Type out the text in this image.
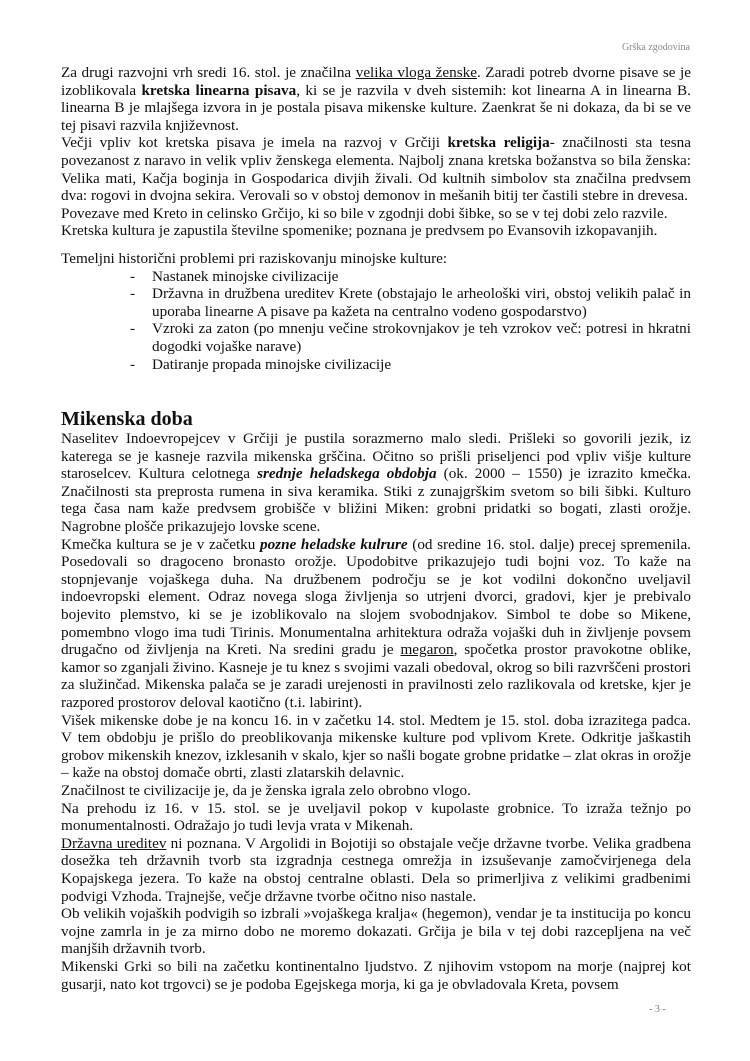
Grška zgodovina

Za drugi razvojni vrh sredi 16. stol. je značilna velika vloga ženske. Zaradi potreb dvorne pisave se je izoblikovala kretska linearna pisava, ki se je razvila v dveh sistemih: kot linearna A in linearna B. linearna B je mlajšega izvora in je postala pisava mikenske kulture. Zaenkrat še ni dokaza, da bi se ve tej pisavi razvila književnost.

Večji vpliv kot kretska pisava je imela na razvoj v Grčiji kretska religija- značilnosti sta tesna povezanost z naravo in velik vpliv ženskega elementa. Najbolj znana kretska božanstva so bila ženska: Velika mati, Kačja boginja in Gospodarica divjih živali. Od kultnih simbolov sta značilna predvsem dva: rogovi in dvojna sekira. Verovali so v obstoj demonov in mešanih bitij ter častili stebre in drevesa.

Povezave med Kreto in celinsko Grčijo, ki so bile v zgodnji dobi šibke, so se v tej dobi zelo razvile.

Kretska kultura je zapustila številne spomenike; poznana je predvsem po Evansovih izkopavanjih.

Temeljni historični problemi pri raziskovanju minojske kulture:

- Nastanek minojske civilizacije
- Državna in družbena ureditev Krete (obstajajo le arheološki viri, obstoj velikih palač in uporaba linearne A pisave pa kažeta na centralno vodeno gospodarstvo)
- Vzroki za zaton (po mnenju večine strokovnjakov je teh vzrokov več: potresi in hkratni dogodki vojaške narave)
- Datiranje propada minojske civilizacije
Mikenska doba

Naselitev Indoevropejcev v Grčiji je pustila sorazmerno malo sledi. Prišleki so govorili jezik, iz katerega se je kasneje razvila mikenska grščina. Očitno so prišli priseljenci pod vpliv višje kulture staroselcev. Kultura celotnega srednje heladskega obdobja (ok. 2000 – 1550) je izrazito kmečka. Značilnosti sta preprosta rumena in siva keramika. Stiki z zunajgrškim svetom so bili šibki. Kulturo tega časa nam kaže predvsem grobišče v bližini Miken: grobni pridatki so bogati, zlasti orožje. Nagrobne plošče prikazujejo lovske scene.

Kmečka kultura se je v začetku pozne heladske kulrure (od sredine 16. stol. dalje) precej spremenila. Posedovali so dragoceno bronasto orožje. Upodobitve prikazujejo tudi bojni voz. To kaže na stopnjevanje vojaškega duha. Na družbenem področju se je kot vodilni dokončno uveljavil indoevropski element. Odraz novega sloga življenja so utrjeni dvorci, gradovi, kjer je prebivalo bojevito plemstvo, ki se je izoblikovalo na slojem svobodnjakov. Simbol te dobe so Mikene, pomembno vlogo ima tudi Tirinis. Monumentalna arhitektura odraža vojaški duh in življenje povsem drugačno od življenja na Kreti. Na sredini gradu je megaron, spočetka prostor pravokotne oblike, kamor so zganjali živino. Kasneje je tu knez s svojimi vazali obedoval, okrog so bili razvrščeni prostori za služinčad. Mikenska palača se je zaradi urejenosti in pravilnosti zelo razlikovala od kretske, kjer je razpored prostorov deloval kaotično (t.i. labirint).

Višek mikenske dobe je na koncu 16. in v začetku 14. stol. Medtem je 15. stol. doba izrazitega padca. V tem obdobju je prišlo do preoblikovanja mikenske kulture pod vplivom Krete. Odkritje jaškastih grobov mikenskih knezov, izklesanih v skalo, kjer so našli bogate grobne pridatke – zlat okras in orožje – kaže na obstoj domače obrti, zlasti zlatarskih delavnic.

Značilnost te civilizacije je, da je ženska igrala zelo obrobno vlogo.

Na prehodu iz 16. v 15. stol. se je uveljavil pokop v kupolaste grobnice. To izraža težnjo po monumentalnosti. Odražajo jo tudi levja vrata v Mikenah.

Državna ureditev ni poznana. V Argolidi in Bojotiji so obstajale večje državne tvorbe. Velika gradbena dosežka teh državnih tvorb sta izgradnja cestnega omrežja in izsuševanje zamočvirjenega dela Kopajskega jezera. To kaže na obstoj centralne oblasti. Dela so primerljiva z velikimi gradbenimi podvigi Vzhoda. Trajnejše, večje državne tvorbe očitno niso nastale.

Ob velikih vojaških podvigih so izbrali »vojaškega kralja« (hegemon), vendar je ta institucija po koncu vojne zamrla in je za mirno dobo ne moremo dokazati. Grčija je bila v tej dobi razcepljena na več manjših državnih tvorb.

Mikenski Grki so bili na začetku kontinentalno ljudstvo. Z njihovim vstopom na morje (najprej kot gusarji, nato kot trgovci) se je podoba Egejskega morja, ki ga je obvladovala Kreta, povsem

- 3 -
